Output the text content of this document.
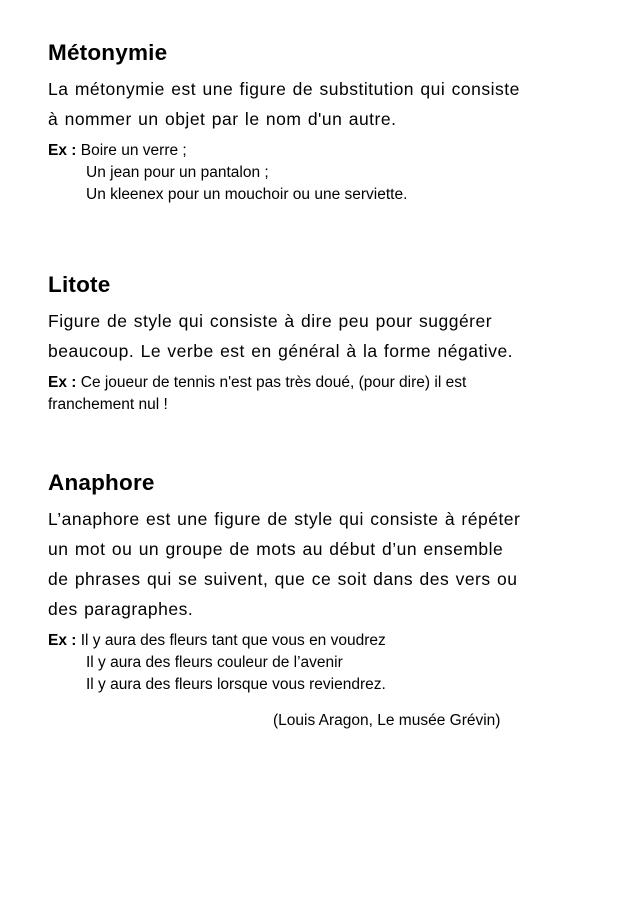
Métonymie

La métonymie est une figure de substitution qui consiste
à nommer un objet par le nom d'un autre.

Ex : Boire un verre ;
Un jean pour un pantalon ;
Un kleenex pour un mouchoir ou une serviette.

Litote

Figure de style qui consiste à dire peu pour suggérer
beaucoup. Le verbe est en général à la forme négative.

Ex : Ce joueur de tennis n'est pas très doué, (pour dire) il est
franchement nul !

Anaphore

L’anaphore est une figure de style qui consiste à répéter
un mot ou un groupe de mots au début d’un ensemble
de phrases qui se suivent, que ce soit dans des vers ou
des paragraphes.

Ex : Il y aura des fleurs tant que vous en voudrez
Il y aura des fleurs couleur de l’avenir
Il y aura des fleurs lorsque vous reviendrez.

(Louis Aragon, Le musée Grévin)
